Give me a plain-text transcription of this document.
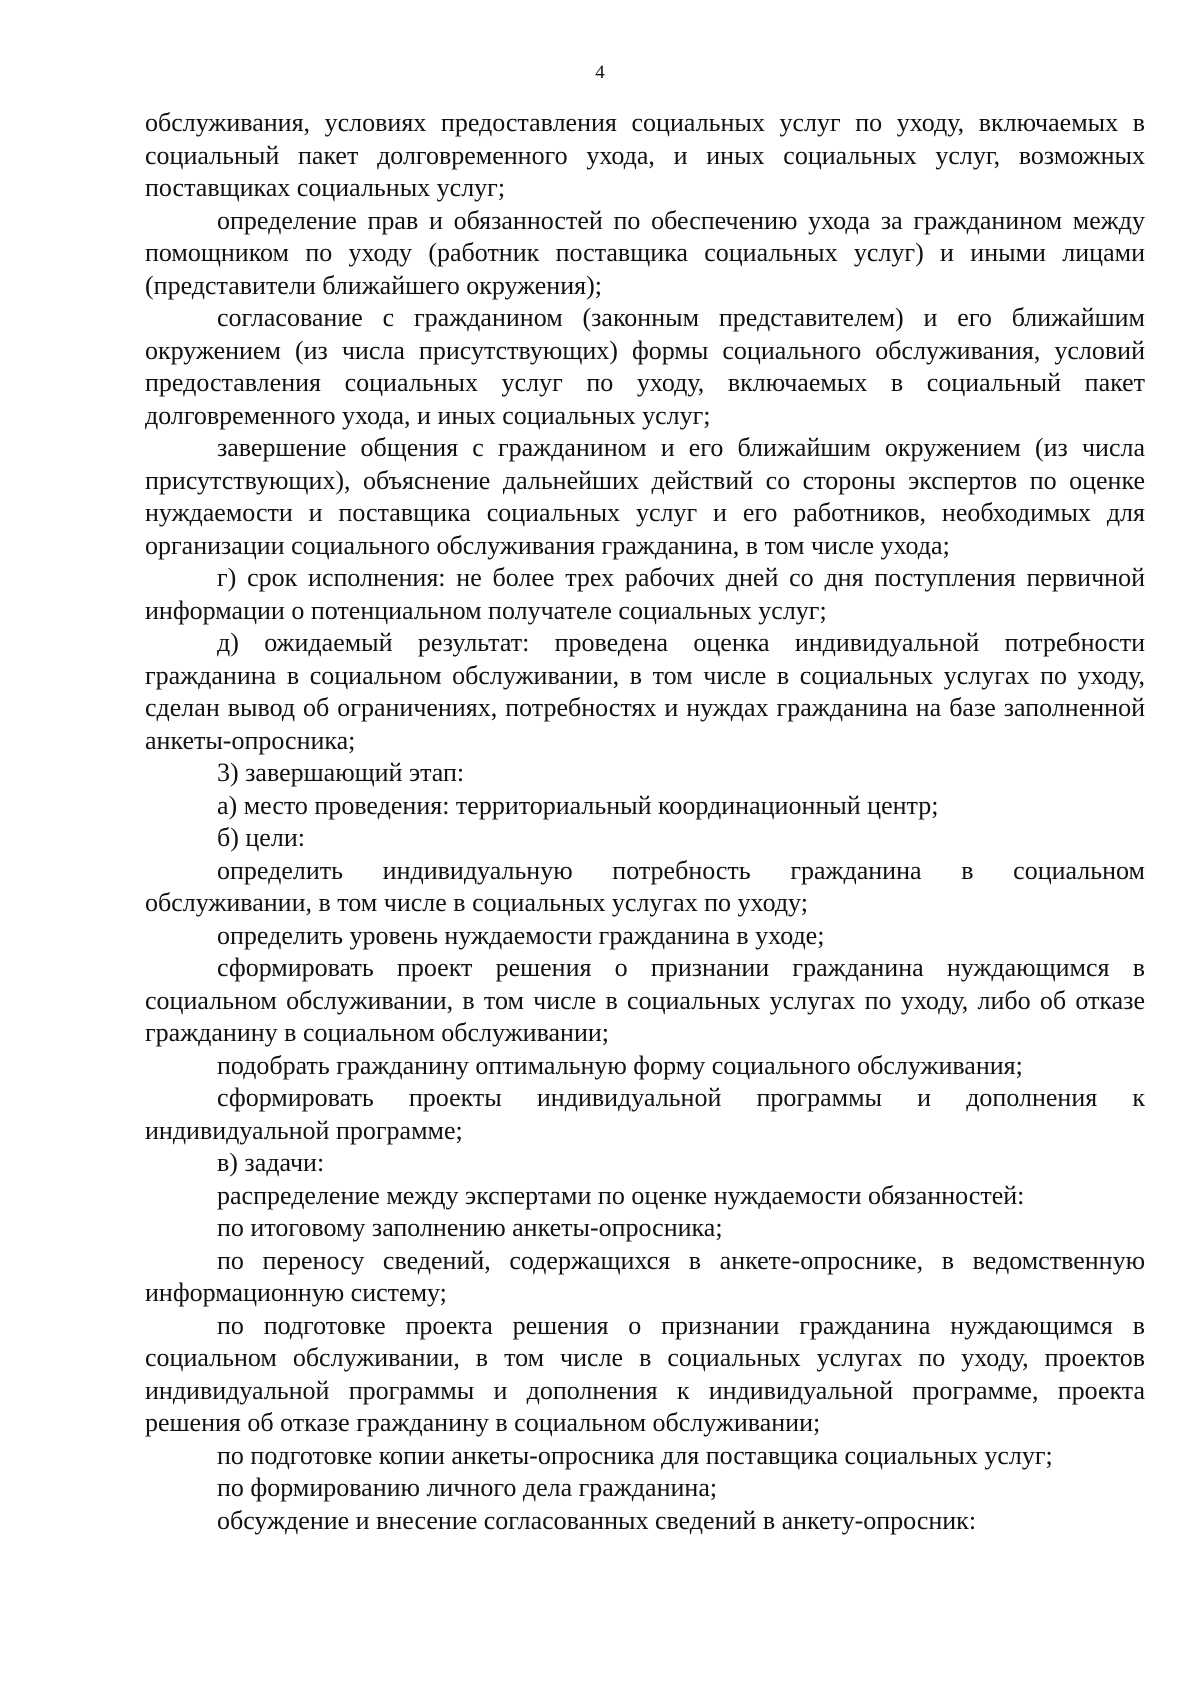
4

обслуживания, условиях предоставления социальных услуг по уходу, включаемых в социальный пакет долговременного ухода, и иных социальных услуг, возможных поставщиках социальных услуг;

определение прав и обязанностей по обеспечению ухода за гражданином между помощником по уходу (работник поставщика социальных услуг) и иными лицами (представители ближайшего окружения);

согласование с гражданином (законным представителем) и его ближайшим окружением (из числа присутствующих) формы социального обслуживания, условий предоставления социальных услуг по уходу, включаемых в социальный пакет долговременного ухода, и иных социальных услуг;

завершение общения с гражданином и его ближайшим окружением (из числа присутствующих), объяснение дальнейших действий со стороны экспертов по оценке нуждаемости и поставщика социальных услуг и его работников, необходимых для организации социального обслуживания гражданина, в том числе ухода;

г) срок исполнения: не более трех рабочих дней со дня поступления первичной информации о потенциальном получателе социальных услуг;

д) ожидаемый результат: проведена оценка индивидуальной потребности гражданина в социальном обслуживании, в том числе в социальных услугах по уходу, сделан вывод об ограничениях, потребностях и нуждах гражданина на базе заполненной анкеты-опросника;

3) завершающий этап:

а) место проведения: территориальный координационный центр;

б) цели:

определить индивидуальную потребность гражданина в социальном обслуживании, в том числе в социальных услугах по уходу;

определить уровень нуждаемости гражданина в уходе;

сформировать проект решения о признании гражданина нуждающимся в социальном обслуживании, в том числе в социальных услугах по уходу, либо об отказе гражданину в социальном обслуживании;

подобрать гражданину оптимальную форму социального обслуживания;

сформировать проекты индивидуальной программы и дополнения к индивидуальной программе;

в) задачи:

распределение между экспертами по оценке нуждаемости обязанностей:

по итоговому заполнению анкеты-опросника;

по переносу сведений, содержащихся в анкете-опроснике, в ведомственную информационную систему;

по подготовке проекта решения о признании гражданина нуждающимся в социальном обслуживании, в том числе в социальных услугах по уходу, проектов индивидуальной программы и дополнения к индивидуальной программе, проекта решения об отказе гражданину в социальном обслуживании;

по подготовке копии анкеты-опросника для поставщика социальных услуг;

по формированию личного дела гражданина;

обсуждение и внесение согласованных сведений в анкету-опросник:
